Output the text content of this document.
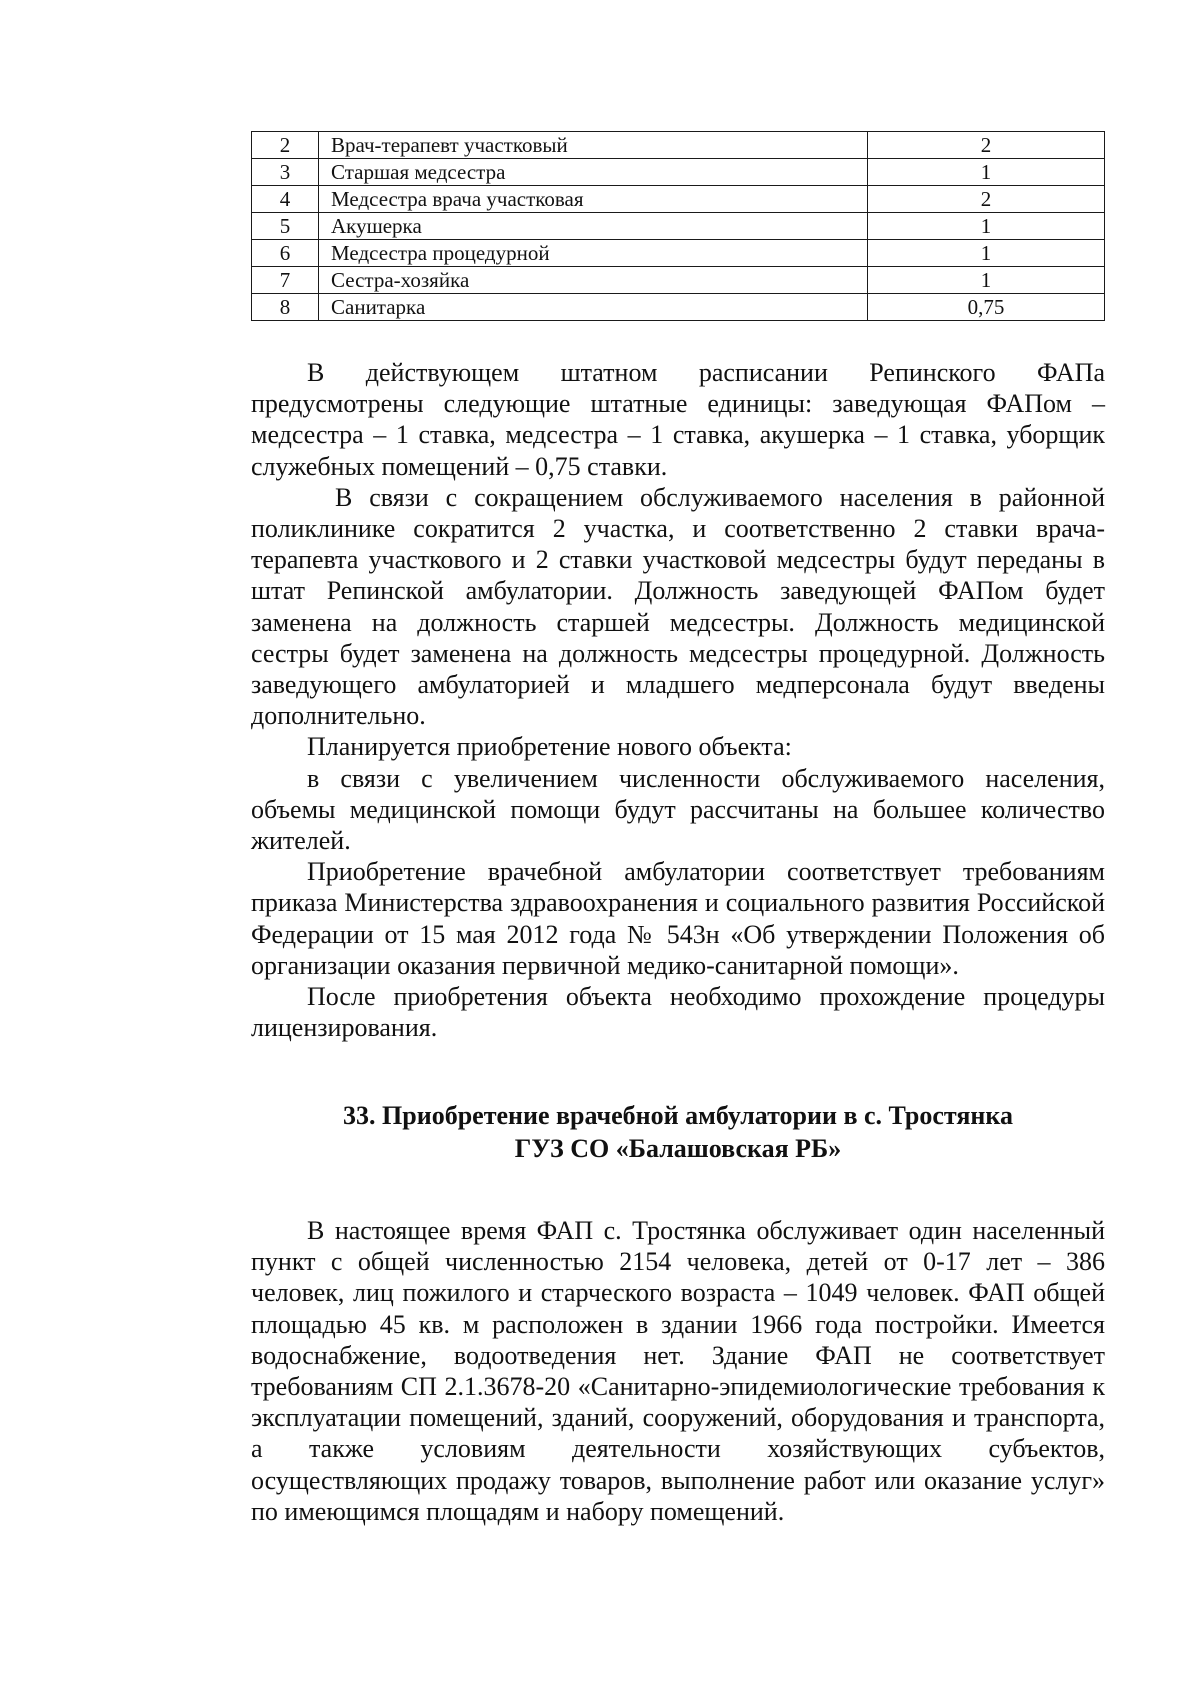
2	Врач-терапевт участковый	2
3	Старшая медсестра	1
4	Медсестра врача участковая	2
5	Акушерка	1
6	Медсестра процедурной	1
7	Сестра-хозяйка	1
8	Санитарка	0,75

В действующем штатном расписании Репинского ФАПа предусмотрены следующие штатные единицы: заведующая ФАПом – медсестра – 1 ставка, медсестра – 1 ставка, акушерка – 1 ставка, уборщик служебных помещений – 0,75 ставки.

В связи с сокращением обслуживаемого населения в районной поликлинике сократится 2 участка, и соответственно 2 ставки врача-терапевта участкового и 2 ставки участковой медсестры будут переданы в штат Репинской амбулатории. Должность заведующей ФАПом будет заменена на должность старшей медсестры. Должность медицинской сестры будет заменена на должность медсестры процедурной. Должность заведующего амбулаторией и младшего медперсонала будут введены дополнительно.

Планируется приобретение нового объекта:

в связи с увеличением численности обслуживаемого населения, объемы медицинской помощи будут рассчитаны на большее количество жителей.

Приобретение врачебной амбулатории соответствует требованиям приказа Министерства здравоохранения и социального развития Российской Федерации от 15 мая 2012 года № 543н «Об утверждении Положения об организации оказания первичной медико-санитарной помощи».

После приобретения объекта необходимо прохождение процедуры лицензирования.

33. Приобретение врачебной амбулатории в с. Тростянка
ГУЗ СО «Балашовская РБ»

В настоящее время ФАП с. Тростянка обслуживает один населенный пункт с общей численностью 2154 человека, детей от 0-17 лет – 386 человек, лиц пожилого и старческого возраста – 1049 человек. ФАП общей площадью 45 кв. м расположен в здании 1966 года постройки. Имеется водоснабжение, водоотведения нет. Здание ФАП не соответствует требованиям СП 2.1.3678-20 «Санитарно-эпидемиологические требования к эксплуатации помещений, зданий, сооружений, оборудования и транспорта, а также условиям деятельности хозяйствующих субъектов, осуществляющих продажу товаров, выполнение работ или оказание услуг» по имеющимся площадям и набору помещений.
